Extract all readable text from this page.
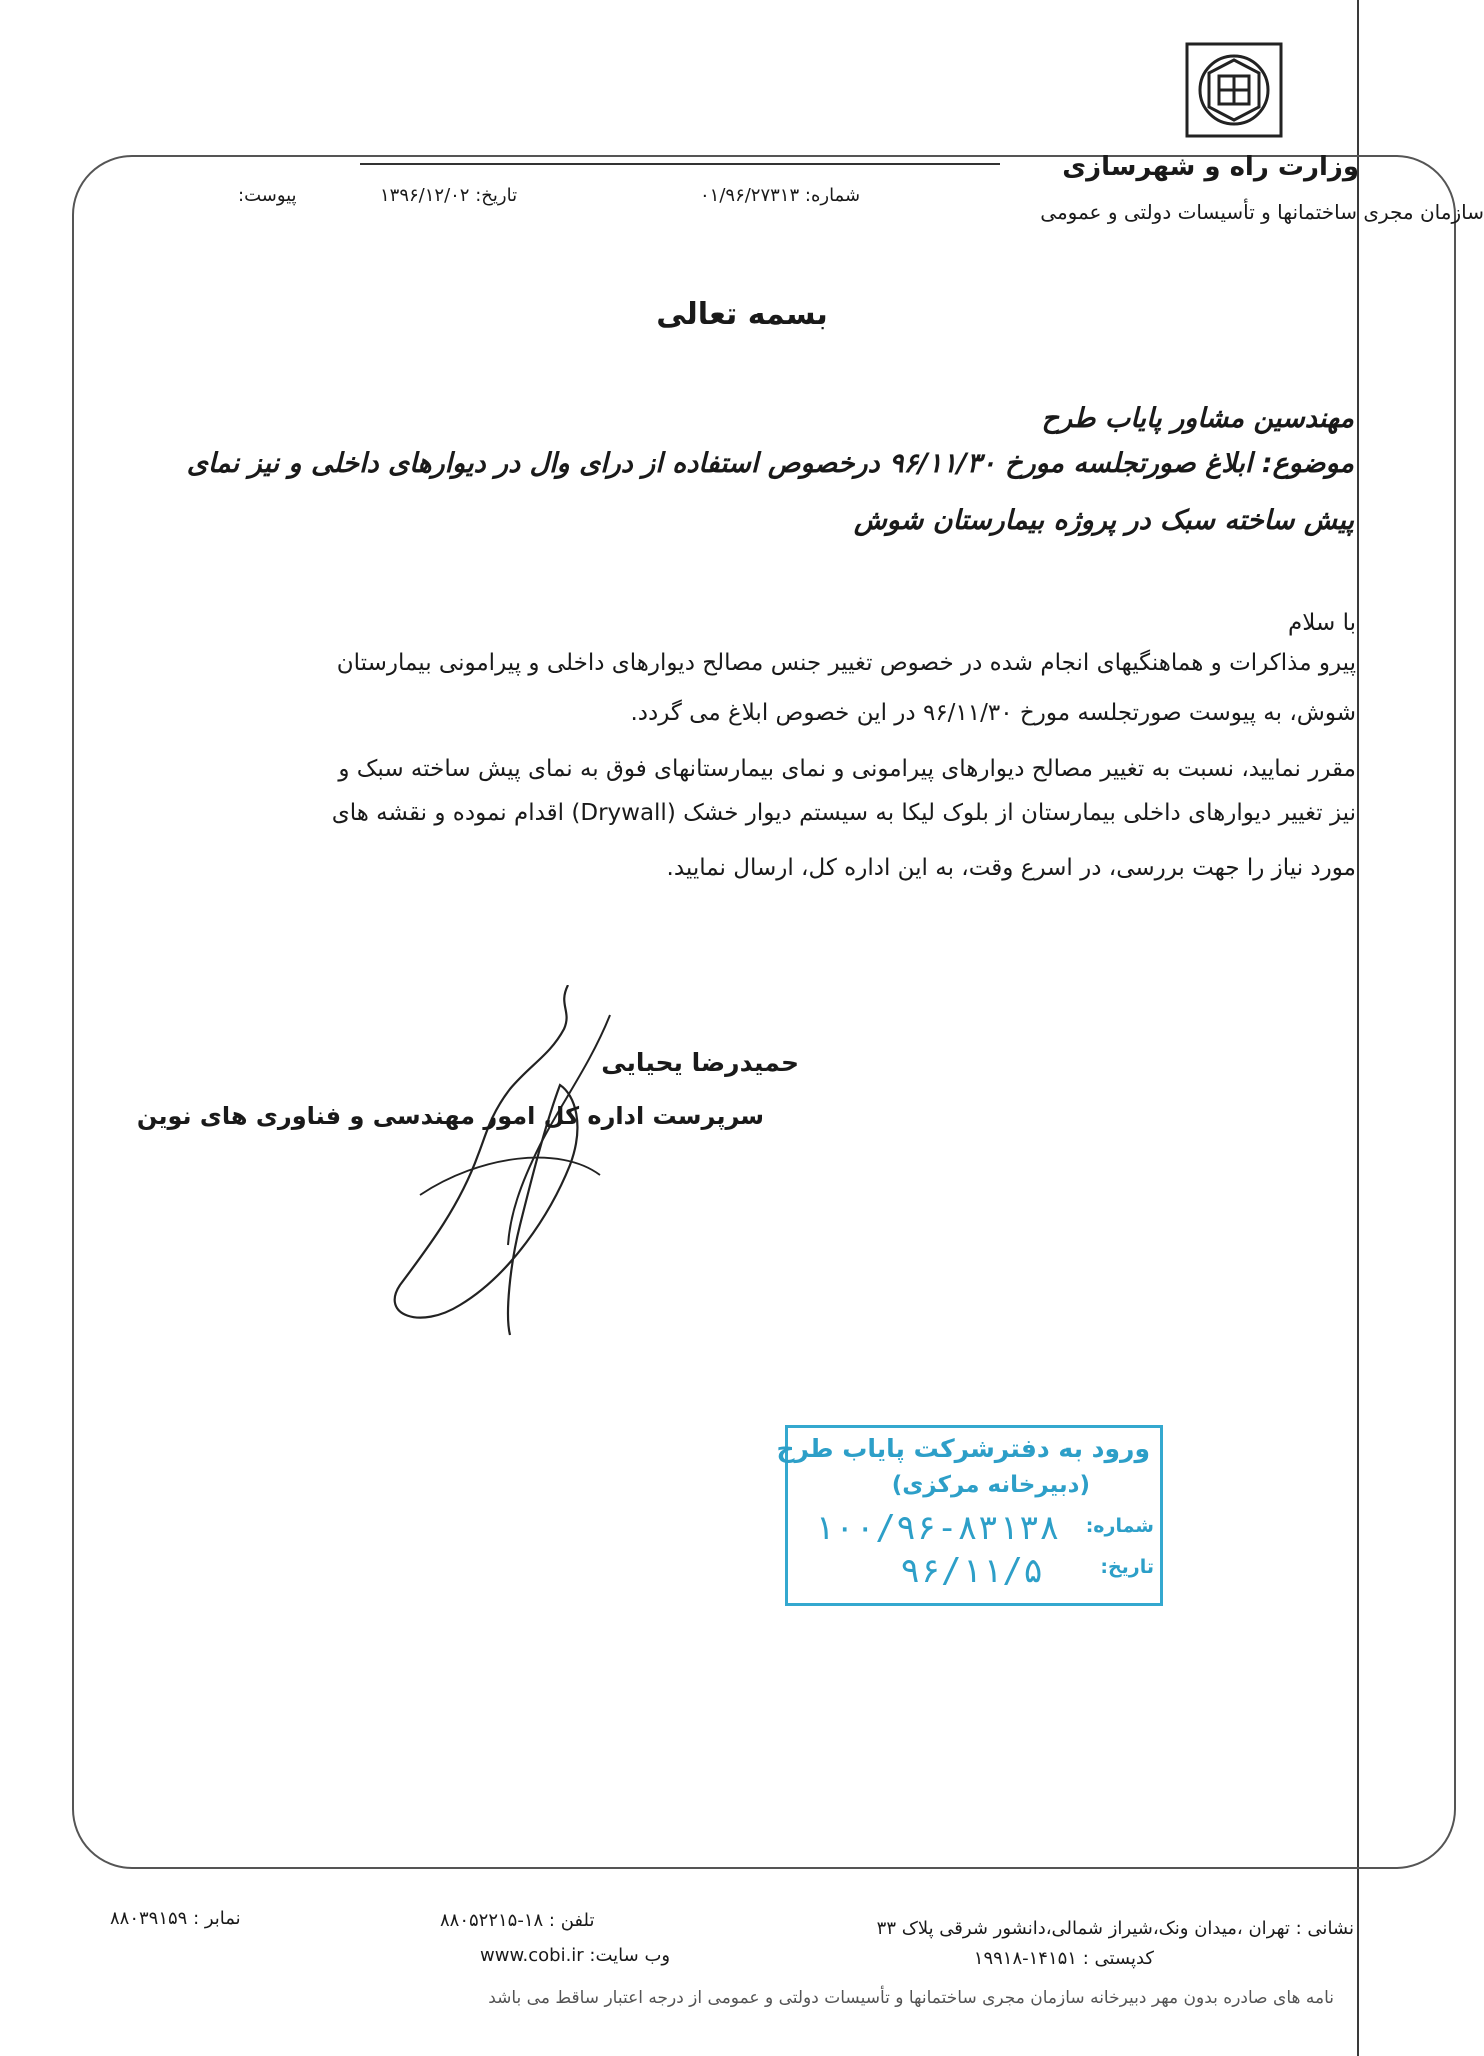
وزارت راه و شهرسازی
سازمان مجری ساختمانها و تأسیسات دولتی و عمومی
شماره: ۰۱/۹۶/۲۷۳۱۳
تاریخ: ۱۳۹۶/۱۲/۰۲
پیوست:
بسمه تعالی
مهندسین مشاور پایاب طرح
موضوع: ابلاغ صورتجلسه مورخ ۹۶/۱۱/۳۰ درخصوص استفاده از درای وال در دیوارهای داخلی و نیز نمای
پیش ساخته سبک در پروژه بیمارستان شوش
با سلام
پیرو مذاکرات و هماهنگیهای انجام شده در خصوص تغییر جنس مصالح دیوارهای داخلی و پیرامونی بیمارستان
شوش، به پیوست صورتجلسه مورخ ۹۶/۱۱/۳۰ در این خصوص ابلاغ می گردد.
مقرر نمایید، نسبت به تغییر مصالح دیوارهای پیرامونی و نمای بیمارستانهای فوق به نمای پیش ساخته سبک و
نیز تغییر دیوارهای داخلی بیمارستان از بلوک لیکا به سیستم دیوار خشک (Drywall) اقدام نموده و نقشه های
مورد نیاز را جهت بررسی، در اسرع وقت، به این اداره کل، ارسال نمایید.
حمیدرضا یحیایی
سرپرست اداره کل امور مهندسی و فناوری های نوین
ورود به دفترشرکت پایاب طرح
(دبیرخانه مرکزی)
شماره:
۱۰۰/۹۶-۸۳۱۳۸
تاریخ:
۹۶/۱۱/۵
نشانی : تهران ،میدان ونک،شیراز شمالی،دانشور شرقی پلاک ۳۳
تلفن : ۱۸-۸۸۰۵۲۲۱۵
نمابر : ۸۸۰۳۹۱۵۹
کدپستی : ۱۴۱۵۱-۱۹۹۱۸
وب سایت: www.cobi.ir
نامه های صادره بدون مهر دبیرخانه سازمان مجری ساختمانها و تأسیسات دولتی و عمومی از درجه اعتبار ساقط می باشد
